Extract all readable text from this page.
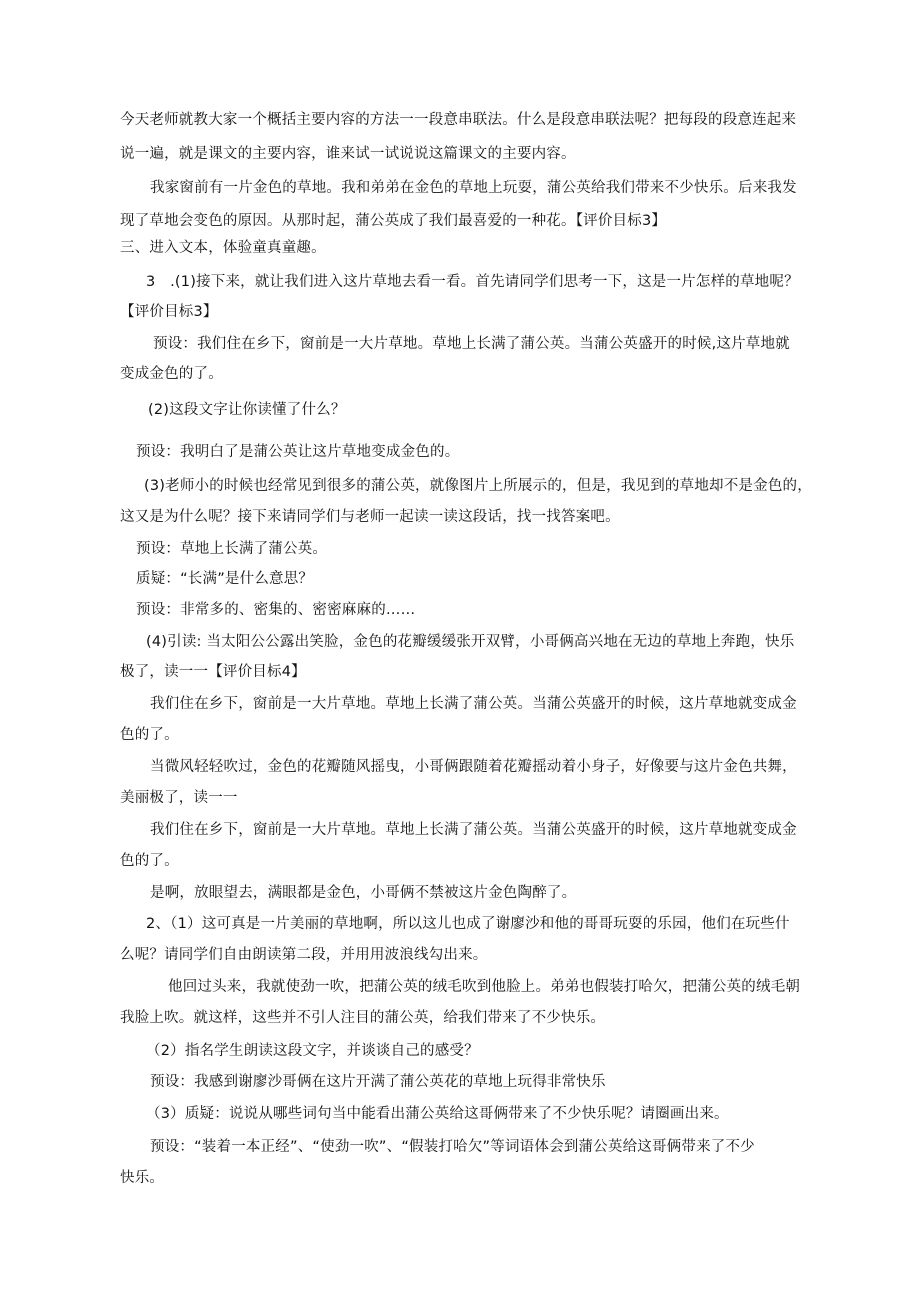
今天老师就教大家一个概括主要内容的方法一一段意串联法。什么是段意串联法呢？把每段的段意连起来
说一遍，就是课文的主要内容，谁来试一试说说这篇课文的主要内容。
我家窗前有一片金色的草地。我和弟弟在金色的草地上玩耍，蒲公英给我们带来不少快乐。后来我发
现了草地会变色的原因。从那时起，蒲公英成了我们最喜爱的一种花。【评价目标3】
三、进入文本，体验童真童趣。
3　.(1)接下来，就让我们进入这片草地去看一看。首先请同学们思考一下，这是一片怎样的草地呢？
【评价目标3】
预设：我们住在乡下，窗前是一大片草地。草地上长满了蒲公英。当蒲公英盛开的时候,这片草地就
变成金色的了。
(2)这段文字让你读懂了什么？
预设：我明白了是蒲公英让这片草地变成金色的。
(3)老师小的时候也经常见到很多的蒲公英，就像图片上所展示的，但是，我见到的草地却不是金色的，
这又是为什么呢？接下来请同学们与老师一起读一读这段话，找一找答案吧。
预设：草地上长满了蒲公英。
质疑：“长满”是什么意思？
预设：非常多的、密集的、密密麻麻的……
(4)引读: 当太阳公公露出笑脸，金色的花瓣缓缓张开双臂，小哥俩高兴地在无边的草地上奔跑，快乐
极了，读一一【评价目标4】
我们住在乡下，窗前是一大片草地。草地上长满了蒲公英。当蒲公英盛开的时候，这片草地就变成金
色的了。
当微风轻轻吹过，金色的花瓣随风摇曳，小哥俩跟随着花瓣摇动着小身子，好像要与这片金色共舞，
美丽极了，读一一
我们住在乡下，窗前是一大片草地。草地上长满了蒲公英。当蒲公英盛开的时候，这片草地就变成金
色的了。
是啊，放眼望去，满眼都是金色，小哥俩不禁被这片金色陶醉了。
2、（1）这可真是一片美丽的草地啊，所以这儿也成了谢廖沙和他的哥哥玩耍的乐园，他们在玩些什
么呢？请同学们自由朗读第二段，并用用波浪线勾出来。
他回过头来，我就使劲一吹，把蒲公英的绒毛吹到他脸上。弟弟也假装打哈欠，把蒲公英的绒毛朝
我脸上吹。就这样，这些并不引人注目的蒲公英，给我们带来了不少快乐。
（2）指名学生朗读这段文字，并谈谈自己的感受？
预设：我感到谢廖沙哥俩在这片开满了蒲公英花的草地上玩得非常快乐
（3）质疑：说说从哪些词句当中能看出蒲公英给这哥俩带来了不少快乐呢？请圈画出来。
预设：“装着一本正经”、“使劲一吹”、“假装打哈欠”等词语体会到蒲公英给这哥俩带来了不少
快乐。
